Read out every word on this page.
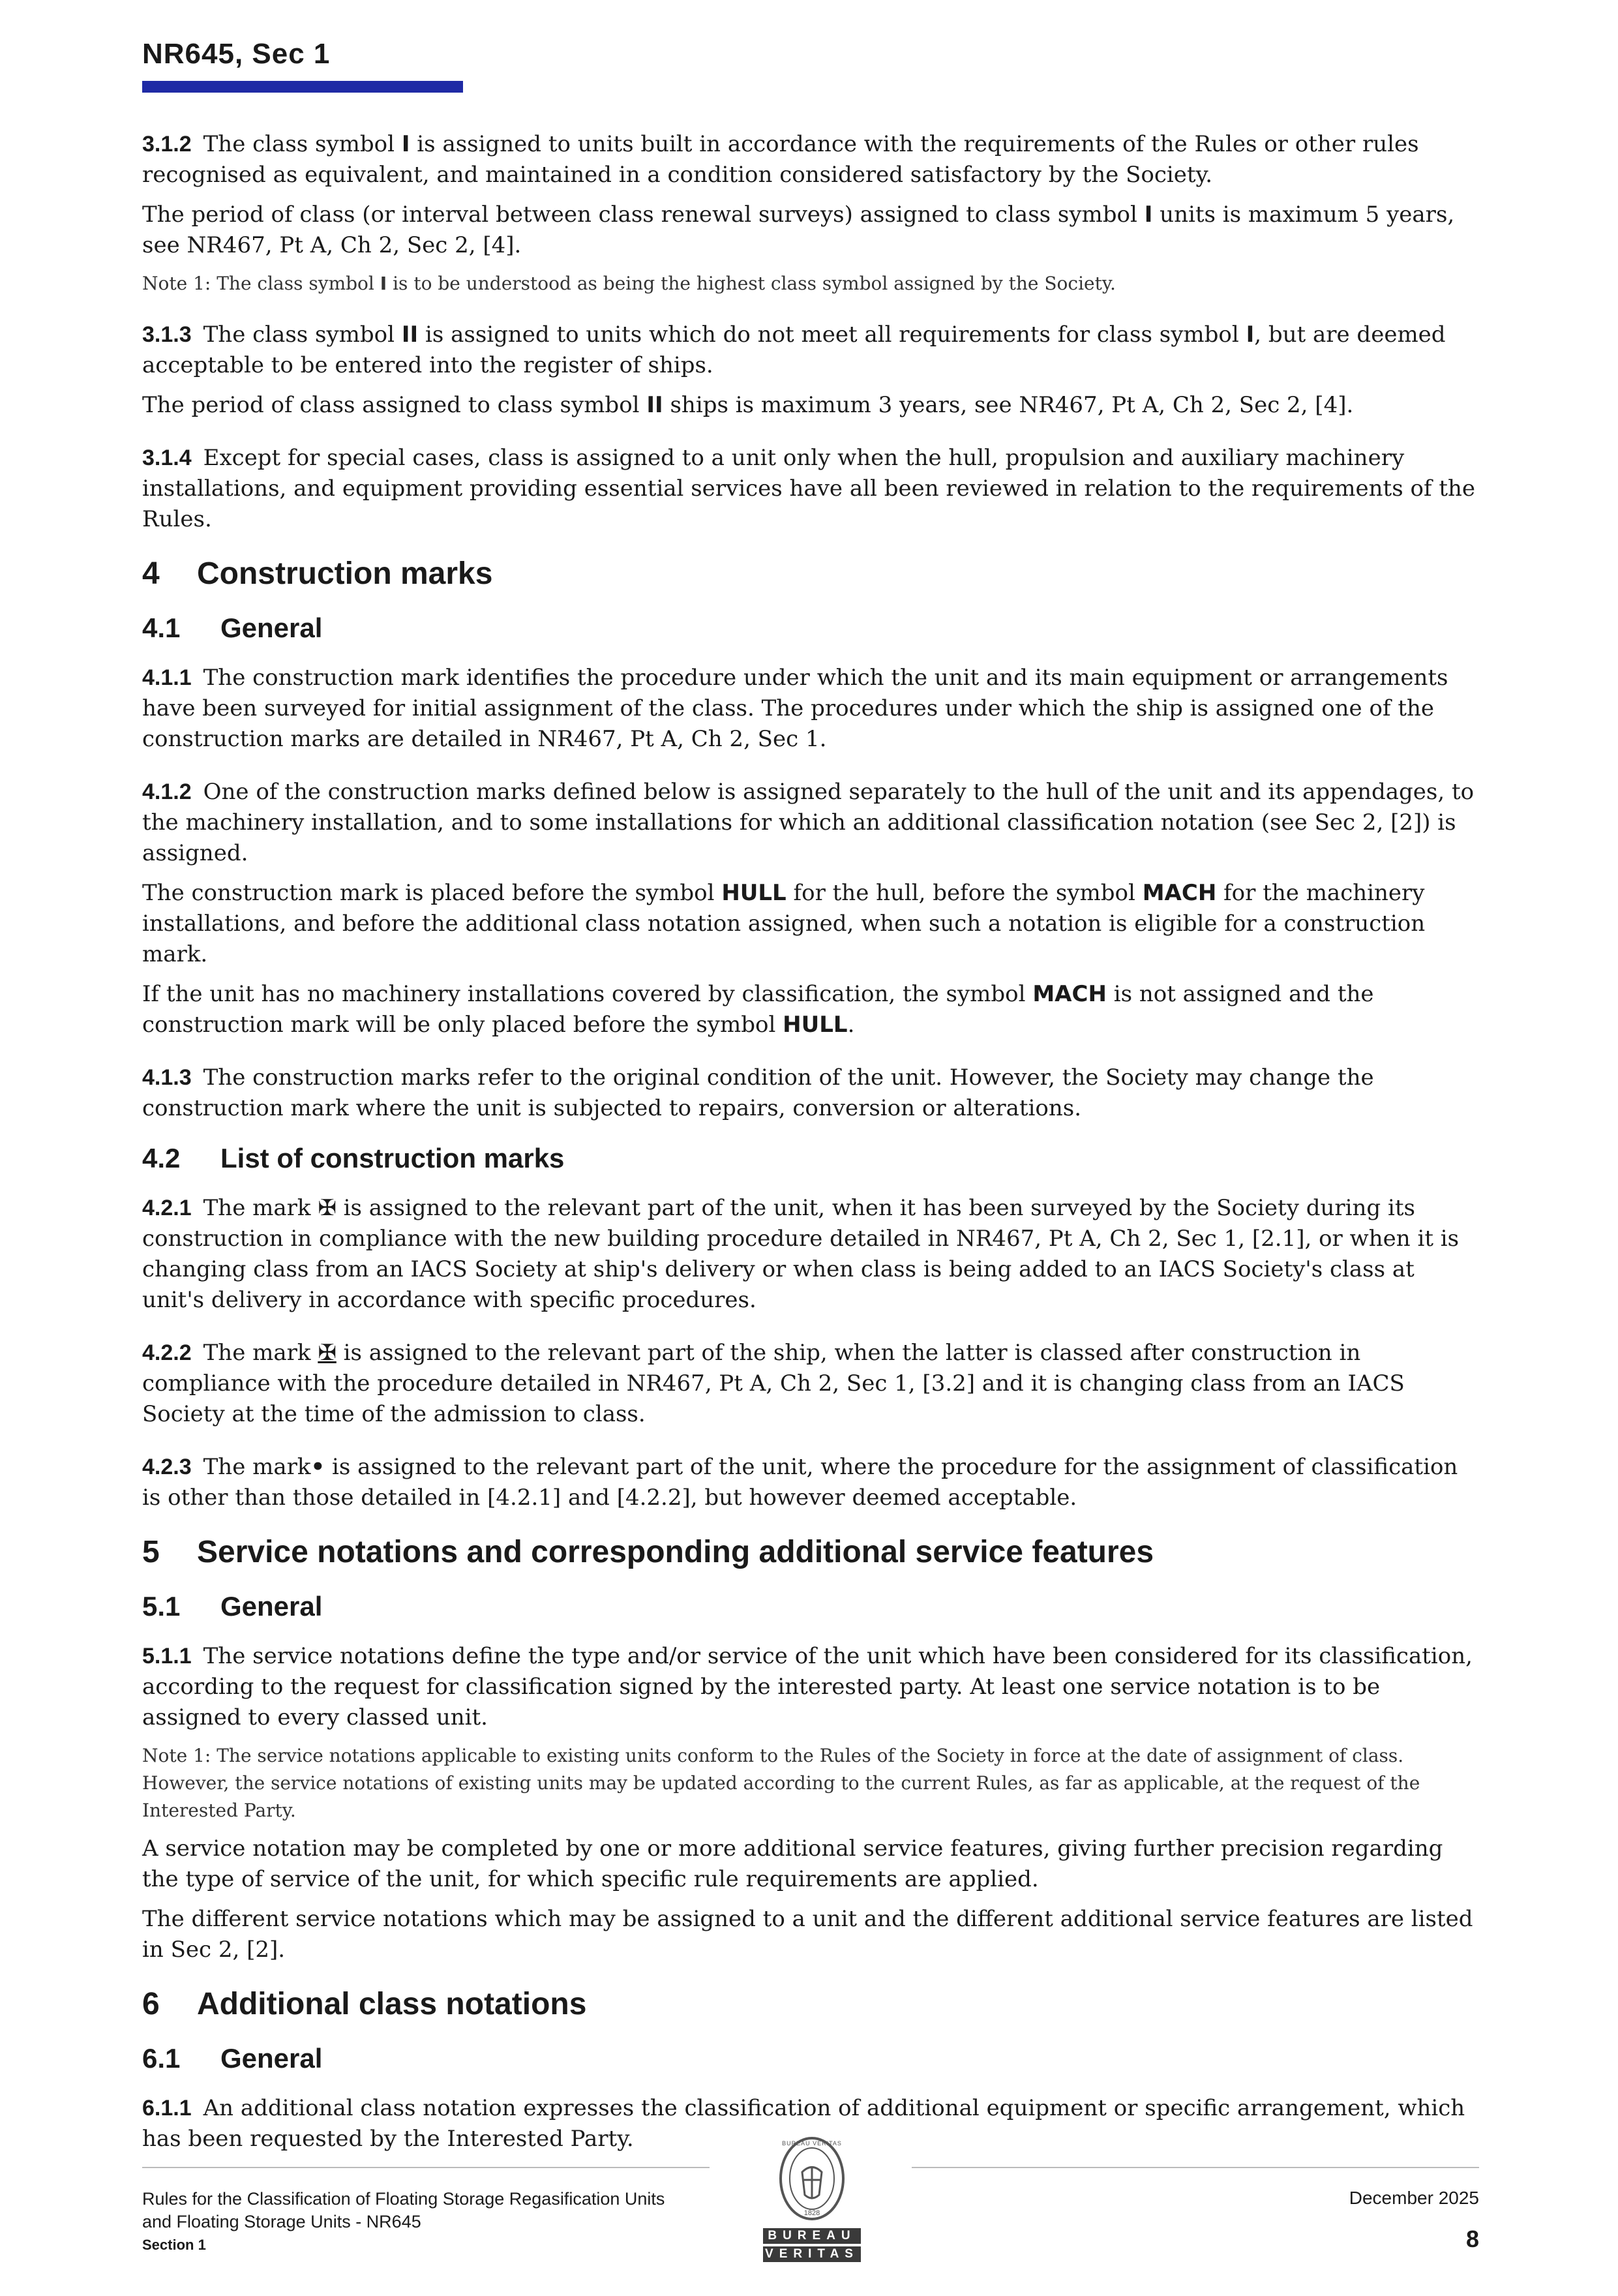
NR645, Sec 1

3.1.2 The class symbol I is assigned to units built in accordance with the requirements of the Rules or other rules recognised as equivalent, and maintained in a condition considered satisfactory by the Society.

The period of class (or interval between class renewal surveys) assigned to class symbol I units is maximum 5 years, see NR467, Pt A, Ch 2, Sec 2, [4].

Note 1: The class symbol I is to be understood as being the highest class symbol assigned by the Society.

3.1.3 The class symbol II is assigned to units which do not meet all requirements for class symbol I, but are deemed acceptable to be entered into the register of ships.

The period of class assigned to class symbol II ships is maximum 3 years, see NR467, Pt A, Ch 2, Sec 2, [4].

3.1.4 Except for special cases, class is assigned to a unit only when the hull, propulsion and auxiliary machinery installations, and equipment providing essential services have all been reviewed in relation to the requirements of the Rules.

4 Construction marks
4.1 General

4.1.1 The construction mark identifies the procedure under which the unit and its main equipment or arrangements have been surveyed for initial assignment of the class. The procedures under which the ship is assigned one of the construction marks are detailed in NR467, Pt A, Ch 2, Sec 1.

4.1.2 One of the construction marks defined below is assigned separately to the hull of the unit and its appendages, to the machinery installation, and to some installations for which an additional classification notation (see Sec 2, [2]) is assigned.

The construction mark is placed before the symbol HULL for the hull, before the symbol MACH for the machinery installations, and before the additional class notation assigned, when such a notation is eligible for a construction mark.

If the unit has no machinery installations covered by classification, the symbol MACH is not assigned and the construction mark will be only placed before the symbol HULL.

4.1.3 The construction marks refer to the original condition of the unit. However, the Society may change the construction mark where the unit is subjected to repairs, conversion or alterations.

4.2 List of construction marks

4.2.1 The mark ✠ is assigned to the relevant part of the unit, when it has been surveyed by the Society during its construction in compliance with the new building procedure detailed in NR467, Pt A, Ch 2, Sec 1, [2.1], or when it is changing class from an IACS Society at ship's delivery or when class is being added to an IACS Society's class at unit's delivery in accordance with specific procedures.

4.2.2 The mark ✠ is assigned to the relevant part of the ship, when the latter is classed after construction in compliance with the procedure detailed in NR467, Pt A, Ch 2, Sec 1, [3.2] and it is changing class from an IACS Society at the time of the admission to class.

4.2.3 The mark• is assigned to the relevant part of the unit, where the procedure for the assignment of classification is other than those detailed in [4.2.1] and [4.2.2], but however deemed acceptable.

5 Service notations and corresponding additional service features
5.1 General

5.1.1 The service notations define the type and/or service of the unit which have been considered for its classification, according to the request for classification signed by the interested party. At least one service notation is to be assigned to every classed unit.

Note 1: The service notations applicable to existing units conform to the Rules of the Society in force at the date of assignment of class. However, the service notations of existing units may be updated according to the current Rules, as far as applicable, at the request of the Interested Party.

A service notation may be completed by one or more additional service features, giving further precision regarding the type of service of the unit, for which specific rule requirements are applied.

The different service notations which may be assigned to a unit and the different additional service features are listed in Sec 2, [2].

6 Additional class notations
6.1 General

6.1.1 An additional class notation expresses the classification of additional equipment or specific arrangement, which has been requested by the Interested Party.

Rules for the Classification of Floating Storage Regasification Units
and Floating Storage Units - NR645
Section 1
BUREAU VERITAS
1828
BUREAU
VERITAS
December 2025
8
